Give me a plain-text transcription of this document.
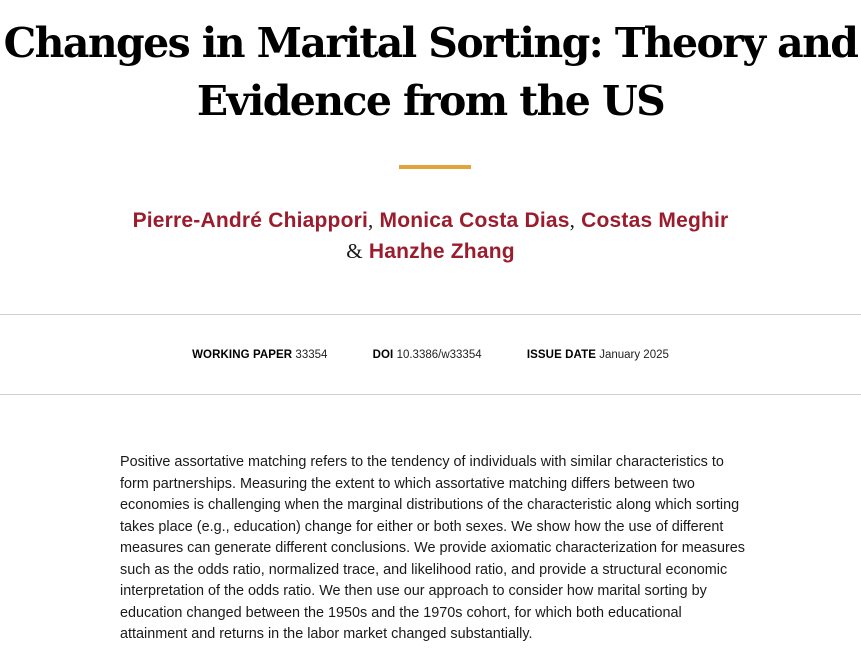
Changes in Marital Sorting: Theory and Evidence from the US
Pierre-André Chiappori, Monica Costa Dias, Costas Meghir & Hanzhe Zhang
WORKING PAPER 33354	DOI 10.3386/w33354	ISSUE DATE January 2025

Positive assortative matching refers to the tendency of individuals with similar characteristics to form partnerships. Measuring the extent to which assortative matching differs between two economies is challenging when the marginal distributions of the characteristic along which sorting takes place (e.g., education) change for either or both sexes. We show how the use of different measures can generate different conclusions. We provide axiomatic characterization for measures such as the odds ratio, normalized trace, and likelihood ratio, and provide a structural economic interpretation of the odds ratio. We then use our approach to consider how marital sorting by education changed between the 1950s and the 1970s cohort, for which both educational attainment and returns in the labor market changed substantially.
